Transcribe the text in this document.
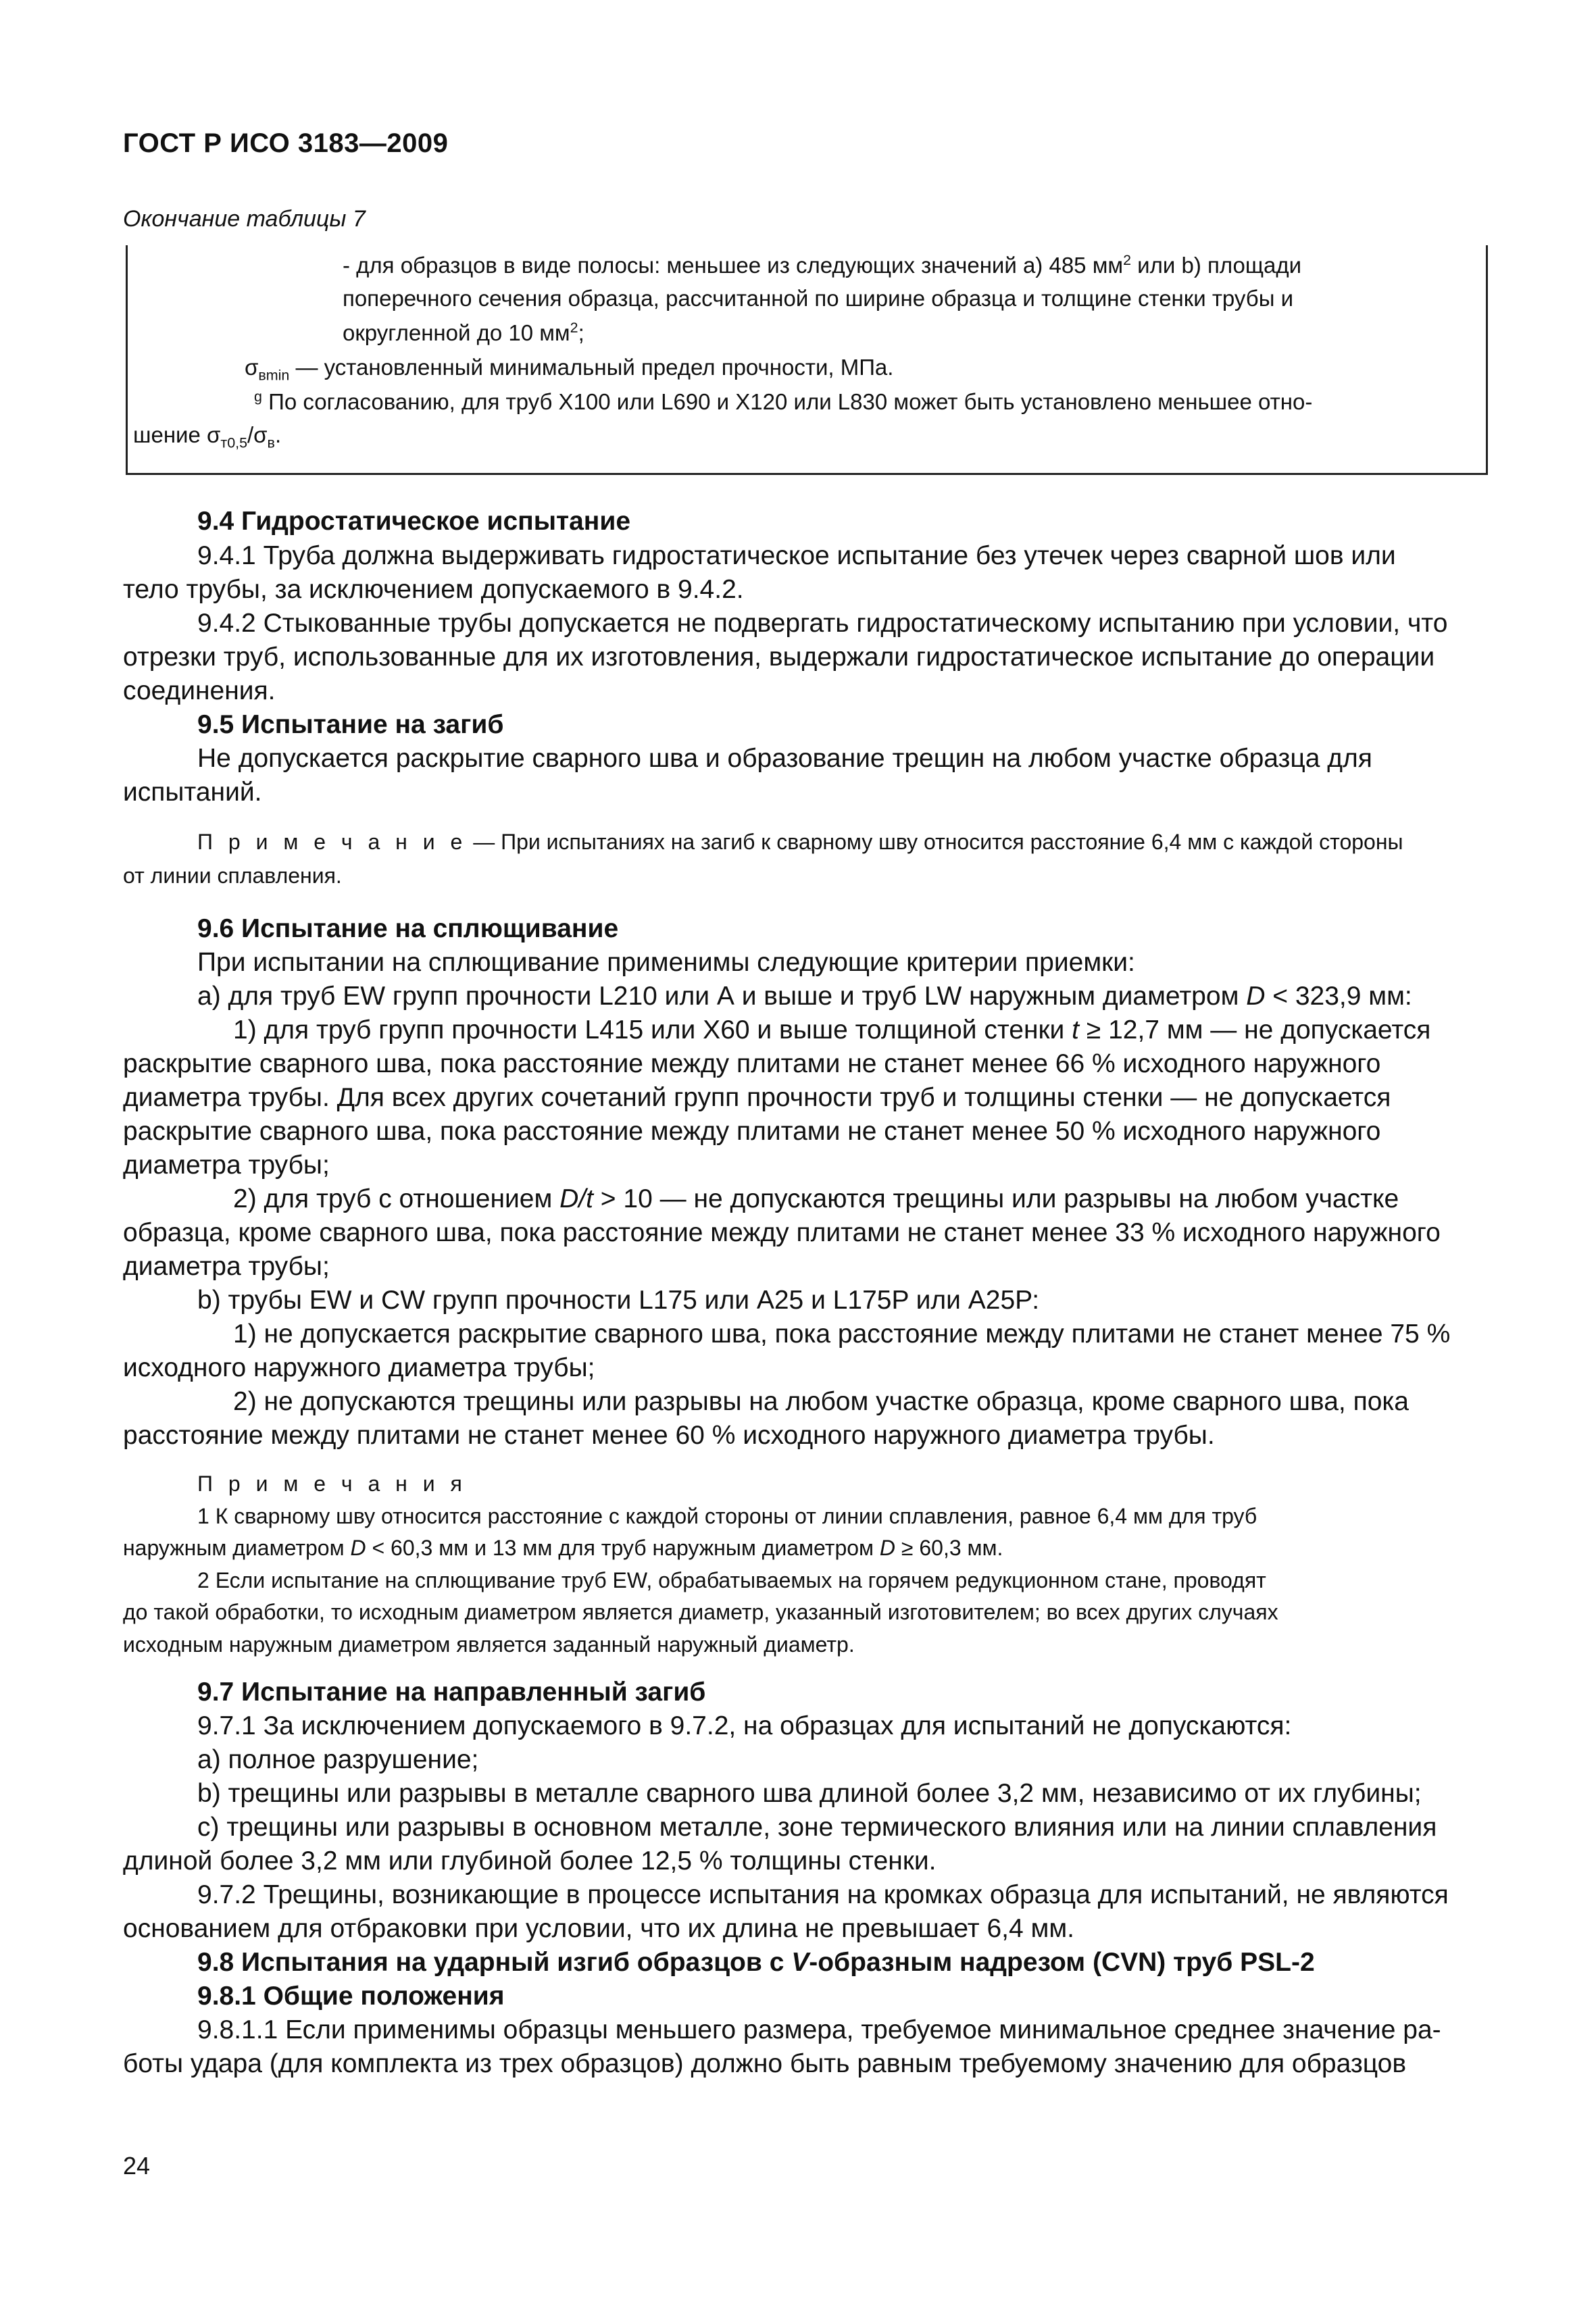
ГОСТ Р ИСО 3183—2009
Окончание таблицы 7
- для образцов в виде полосы: меньшее из следующих значений a) 485 $мм^2$ или b) площади
поперечного сечения образца, рассчитанной по ширине образца и толщине стенки трубы и
округленной до 10 $мм^2$;
$\sigma_{вmin}$ — установленный минимальный предел прочности, МПа.
$^g$ По согласованию, для труб Х100 или L690 и Х120 или L830 может быть установлено меньшее отно-
шение $\sigma_{т0,5}/\sigma_в$.
9.4 Гидростатическое испытание
9.4.1 Труба должна выдерживать гидростатическое испытание без утечек через сварной шов или
тело трубы, за исключением допускаемого в 9.4.2.
9.4.2 Стыкованные трубы допускается не подвергать гидростатическому испытанию при условии, что
отрезки труб, использованные для их изготовления, выдержали гидростатическое испытание до операции
соединения.
9.5 Испытание на загиб
Не допускается раскрытие сварного шва и образование трещин на любом участке образца для
испытаний.
П р и м е ч а н и е — При испытаниях на загиб к сварному шву относится расстояние 6,4 мм с каждой стороны
от линии сплавления.
9.6 Испытание на сплющивание
При испытании на сплющивание применимы следующие критерии приемки:
а) для труб EW групп прочности L210 или А и выше и труб LW наружным диаметром D < 323,9 мм:
1) для труб групп прочности L415 или Х60 и выше толщиной стенки t ≥ 12,7 мм — не допускается
раскрытие сварного шва, пока расстояние между плитами не станет менее 66 % исходного наружного
диаметра трубы. Для всех других сочетаний групп прочности труб и толщины стенки — не допускается
раскрытие сварного шва, пока расстояние между плитами не станет менее 50 % исходного наружного
диаметра трубы;
2) для труб с отношением D/t > 10 — не допускаются трещины или разрывы на любом участке
образца, кроме сварного шва, пока расстояние между плитами не станет менее 33 % исходного наружного
диаметра трубы;
b) трубы EW и CW групп прочности L175 или А25 и L175P или А25Р:
1) не допускается раскрытие сварного шва, пока расстояние между плитами не станет менее 75 %
исходного наружного диаметра трубы;
2) не допускаются трещины или разрывы на любом участке образца, кроме сварного шва, пока
расстояние между плитами не станет менее 60 % исходного наружного диаметра трубы.
П р и м е ч а н и я
1 К сварному шву относится расстояние с каждой стороны от линии сплавления, равное 6,4 мм для труб
наружным диаметром D < 60,3 мм и 13 мм для труб наружным диаметром D ≥ 60,3 мм.
2 Если испытание на сплющивание труб EW, обрабатываемых на горячем редукционном стане, проводят
до такой обработки, то исходным диаметром является диаметр, указанный изготовителем; во всех других случаях
исходным наружным диаметром является заданный наружный диаметр.
9.7 Испытание на направленный загиб
9.7.1 За исключением допускаемого в 9.7.2, на образцах для испытаний не допускаются:
а) полное разрушение;
b) трещины или разрывы в металле сварного шва длиной более 3,2 мм, независимо от их глубины;
с) трещины или разрывы в основном металле, зоне термического влияния или на линии сплавления
длиной более 3,2 мм или глубиной более 12,5 % толщины стенки.
9.7.2 Трещины, возникающие в процессе испытания на кромках образца для испытаний, не являются
основанием для отбраковки при условии, что их длина не превышает 6,4 мм.
9.8 Испытания на ударный изгиб образцов с V-образным надрезом (CVN) труб PSL-2
9.8.1 Общие положения
9.8.1.1 Если применимы образцы меньшего размера, требуемое минимальное среднее значение ра-
боты удара (для комплекта из трех образцов) должно быть равным требуемому значению для образцов
24
